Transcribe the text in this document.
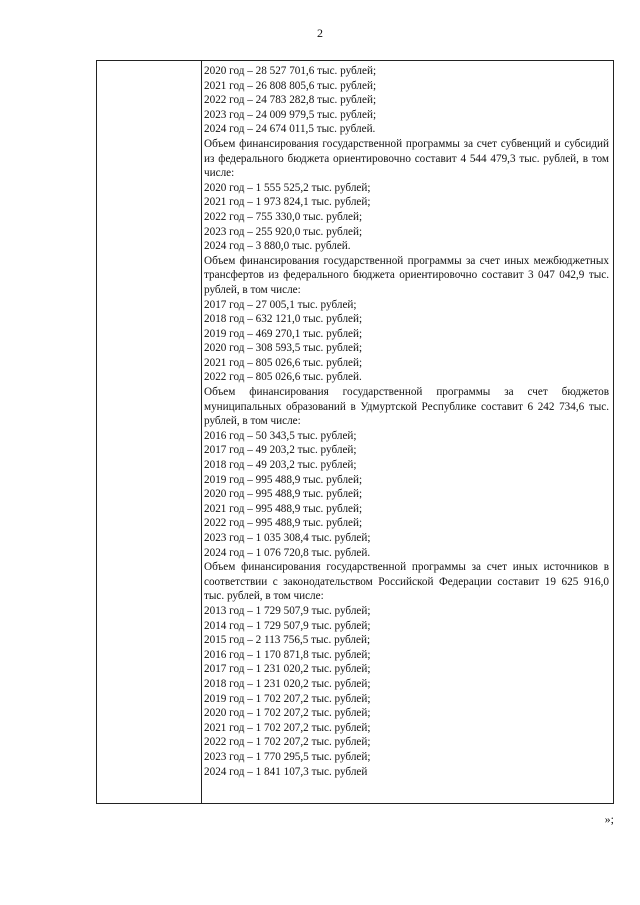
2
2020 год – 28 527 701,6 тыс. рублей;
2021 год – 26 808 805,6 тыс. рублей;
2022 год – 24 783 282,8 тыс. рублей;
2023 год – 24 009 979,5 тыс. рублей;
2024 год – 24 674 011,5 тыс. рублей.
Объем финансирования государственной программы за счет субвенций и субсидий из федерального бюджета ориентировочно составит 4 544 479,3 тыс. рублей, в том числе:
2020 год – 1 555 525,2 тыс. рублей;
2021 год – 1 973 824,1 тыс. рублей;
2022 год – 755 330,0 тыс. рублей;
2023 год – 255 920,0 тыс. рублей;
2024 год – 3 880,0 тыс. рублей.
Объем финансирования государственной программы за счет иных межбюджетных трансфертов из федерального бюджета ориентировочно составит 3 047 042,9 тыс. рублей, в том числе:
2017 год – 27 005,1 тыс. рублей;
2018 год – 632 121,0 тыс. рублей;
2019 год – 469 270,1 тыс. рублей;
2020 год – 308 593,5 тыс. рублей;
2021 год – 805 026,6 тыс. рублей;
2022 год – 805 026,6 тыс. рублей.
Объем финансирования государственной программы за счет бюджетов муниципальных образований в Удмуртской Республике составит 6 242 734,6 тыс. рублей, в том числе:
2016 год – 50 343,5 тыс. рублей;
2017 год – 49 203,2 тыс. рублей;
2018 год – 49 203,2 тыс. рублей;
2019 год – 995 488,9 тыс. рублей;
2020 год – 995 488,9 тыс. рублей;
2021 год – 995 488,9 тыс. рублей;
2022 год – 995 488,9 тыс. рублей;
2023 год – 1 035 308,4 тыс. рублей;
2024 год – 1 076 720,8 тыс. рублей.
Объем финансирования государственной программы за счет иных источников в соответствии с законодательством Российской Федерации составит 19 625 916,0 тыс. рублей, в том числе:
2013 год – 1 729 507,9 тыс. рублей;
2014 год – 1 729 507,9 тыс. рублей;
2015 год – 2 113 756,5 тыс. рублей;
2016 год – 1 170 871,8 тыс. рублей;
2017 год – 1 231 020,2 тыс. рублей;
2018 год – 1 231 020,2 тыс. рублей;
2019 год – 1 702 207,2 тыс. рублей;
2020 год – 1 702 207,2 тыс. рублей;
2021 год – 1 702 207,2 тыс. рублей;
2022 год – 1 702 207,2 тыс. рублей;
2023 год – 1 770 295,5 тыс. рублей;
2024 год – 1 841 107,3 тыс. рублей
»;
